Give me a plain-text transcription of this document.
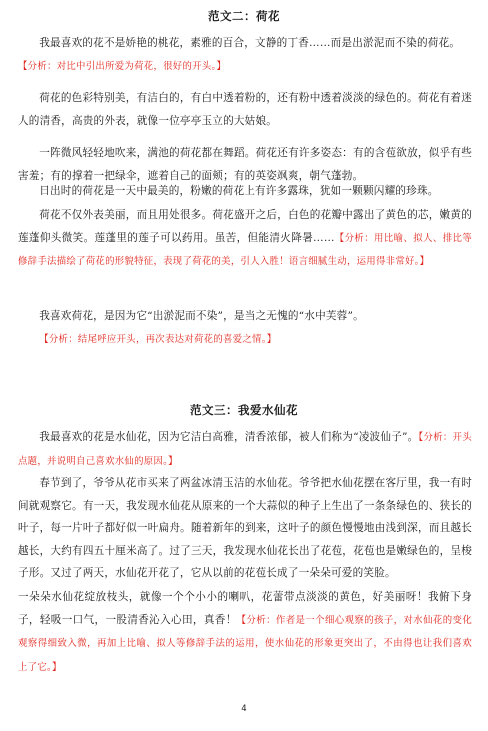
范文二：荷花

我最喜欢的花不是娇艳的桃花，素雅的百合，文静的丁香……而是出淤泥而不染的荷花。

【分析：对比中引出所爱为荷花，很好的开头。】

荷花的色彩特别美，有洁白的，有白中透着粉的，还有粉中透着淡淡的绿色的。荷花有着迷人的清香，高贵的外表，就像一位亭亭玉立的大姑娘。

一阵微风轻轻地吹来，满池的荷花都在舞蹈。荷花还有许多姿态：有的含苞欲放，似乎有些害羞；有的撑着一把绿伞，遮着自己的面颊；有的英姿飒爽，朝气蓬勃。

日出时的荷花是一天中最美的，粉嫩的荷花上有许多露珠，犹如一颗颗闪耀的珍珠。

荷花不仅外表美丽，而且用处很多。荷花盛开之后，白色的花瓣中露出了黄色的芯，嫩黄的莲蓬仰头微笑。莲蓬里的莲子可以药用。虽苦，但能清火降暑……【分析：用比喻、拟人、排比等修辞手法描绘了荷花的形貌特征，表现了荷花的美，引人入胜！语言细腻生动，运用得非常好。】

我喜欢荷花，是因为它“出淤泥而不染”，是当之无愧的“水中芙蓉”。

【分析：结尾呼应开头，再次表达对荷花的喜爱之情。】

范文三：我爱水仙花

我最喜欢的花是水仙花，因为它洁白高雅，清香浓郁，被人们称为“凌波仙子”。【分析：开头点题，并说明自己喜欢水仙的原因。】

春节到了，爷爷从花市买来了两盆冰清玉洁的水仙花。爷爷把水仙花摆在客厅里，我一有时间就观察它。有一天，我发现水仙花从原来的一个大蒜似的种子上生出了一条条绿色的、狭长的叶子，每一片叶子都好似一叶扁舟。随着新年的到来，这叶子的颜色慢慢地由浅到深，而且越长越长，大约有四五十厘米高了。过了三天，我发现水仙花长出了花苞，花苞也是嫩绿色的，呈梭子形。又过了两天，水仙花开花了，它从以前的花苞长成了一朵朵可爱的笑脸。

一朵朵水仙花绽放枝头，就像一个个小小的喇叭，花蕾带点淡淡的黄色，好美丽呀！我俯下身子，轻吸一口气，一股清香沁入心田，真香！【分析：作者是一个细心观察的孩子，对水仙花的变化观察得细致入微，再加上比喻、拟人等修辞手法的运用，使水仙花的形象更突出了，不由得也让我们喜欢上了它。】

4
